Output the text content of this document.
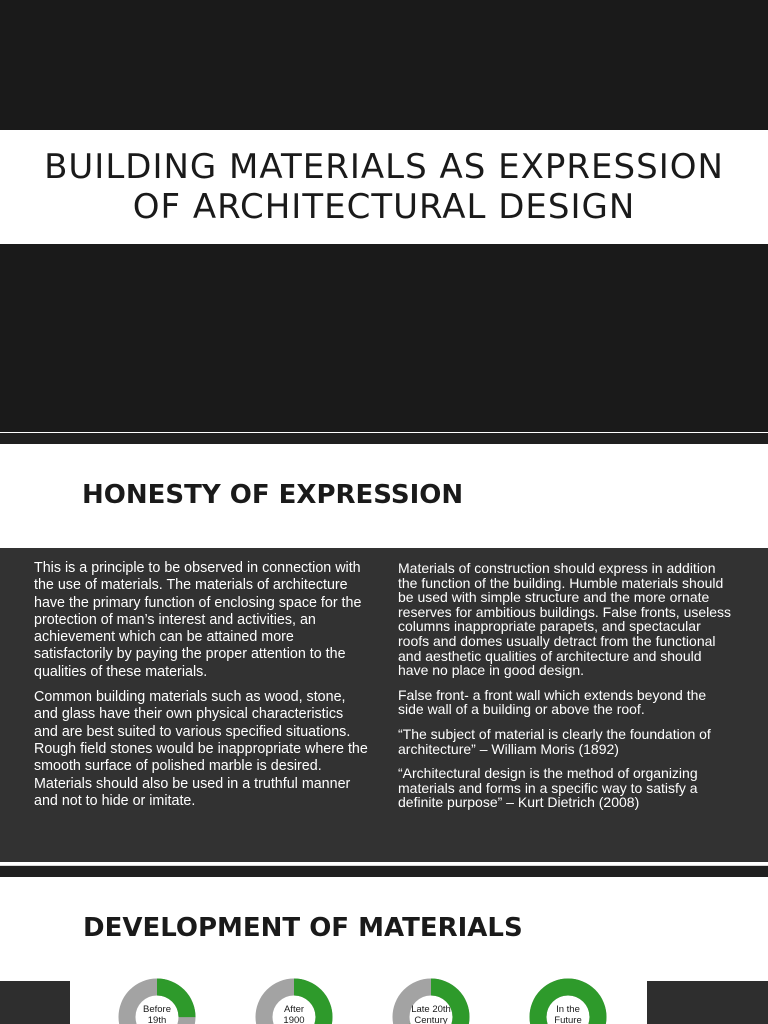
BUILDING MATERIALS AS EXPRESSION
OF ARCHITECTURAL DESIGN
HONESTY OF EXPRESSION

This is a principle to be observed in connection with the use of materials. The materials of architecture have the primary function of enclosing space for the protection of man’s interest and activities, an achievement which can be attained more satisfactorily by paying the proper attention to the qualities of these materials.

Common building materials such as wood, stone, and glass have their own physical characteristics and are best suited to various specified situations. Rough field stones would be inappropriate where the smooth surface of polished marble is desired. Materials should also be used in a truthful manner and not to hide or imitate.

Materials of construction should express in addition the function of the building. Humble materials should be used with simple structure and the more ornate reserves for ambitious buildings. False fronts, useless columns inappropriate parapets, and spectacular roofs and domes usually detract from the functional and aesthetic qualities of architecture and should have no place in good design.

False front- a front wall which extends beyond the side wall of a building or above the roof.

“The subject of material is clearly the foundation of architecture” – William Moris (1892)

“Architectural design is the method of organizing materials and forms in a specific way to satisfy a definite purpose” – Kurt Dietrich (2008)

DEVELOPMENT OF MATERIALS
Before
19th
After
1900
Late 20th
Century
In the
Future
